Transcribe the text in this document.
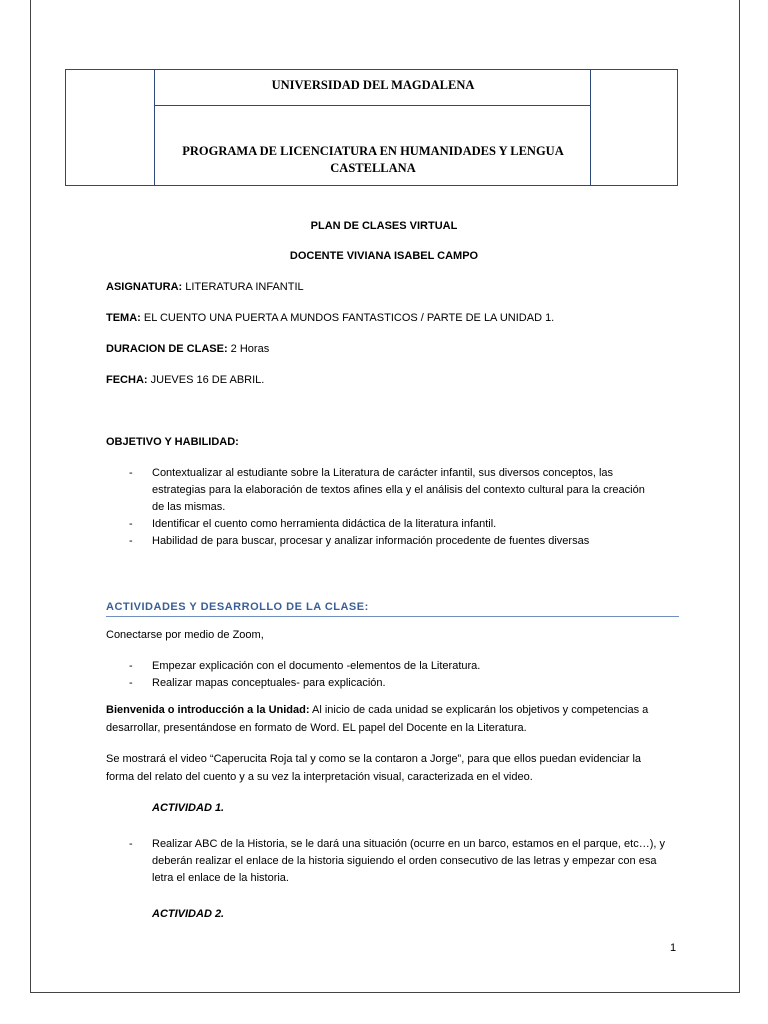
UNIVERSIDAD DEL MAGDALENA
PROGRAMA DE LICENCIATURA EN HUMANIDADES Y LENGUA CASTELLANA
PLAN DE CLASES VIRTUAL
DOCENTE VIVIANA ISABEL CAMPO
ASIGNATURA: LITERATURA INFANTIL
TEMA: EL CUENTO UNA PUERTA A MUNDOS FANTASTICOS / PARTE DE LA UNIDAD 1.
DURACION DE CLASE: 2 Horas
FECHA: JUEVES 16 DE ABRIL.
OBJETIVO Y HABILIDAD:
- Contextualizar al estudiante sobre la Literatura de carácter infantil, sus diversos conceptos, las
estrategias para la elaboración de textos afines ella y el análisis del contexto cultural para la creación
de las mismas.
- Identificar el cuento como herramienta didáctica de la literatura infantil.
- Habilidad de para buscar, procesar y analizar información procedente de fuentes diversas
ACTIVIDADES Y DESARROLLO DE LA CLASE:
Conectarse por medio de Zoom,
- Empezar explicación con el documento -elementos de la Literatura.
- Realizar mapas conceptuales- para explicación.
Bienvenida o introducción a la Unidad: Al inicio de cada unidad se explicarán los objetivos y competencias a
desarrollar, presentándose en formato de Word. EL papel del Docente en la Literatura.
Se mostrará el video “Caperucita Roja tal y como se la contaron a Jorge”, para que ellos puedan evidenciar la
forma del relato del cuento y a su vez la interpretación visual, caracterizada en el video.
ACTIVIDAD 1.
- Realizar ABC de la Historia, se le dará una situación (ocurre en un barco, estamos en el parque, etc…), y
deberán realizar el enlace de la historia siguiendo el orden consecutivo de las letras y empezar con esa
letra el enlace de la historia.
ACTIVIDAD 2.
1
